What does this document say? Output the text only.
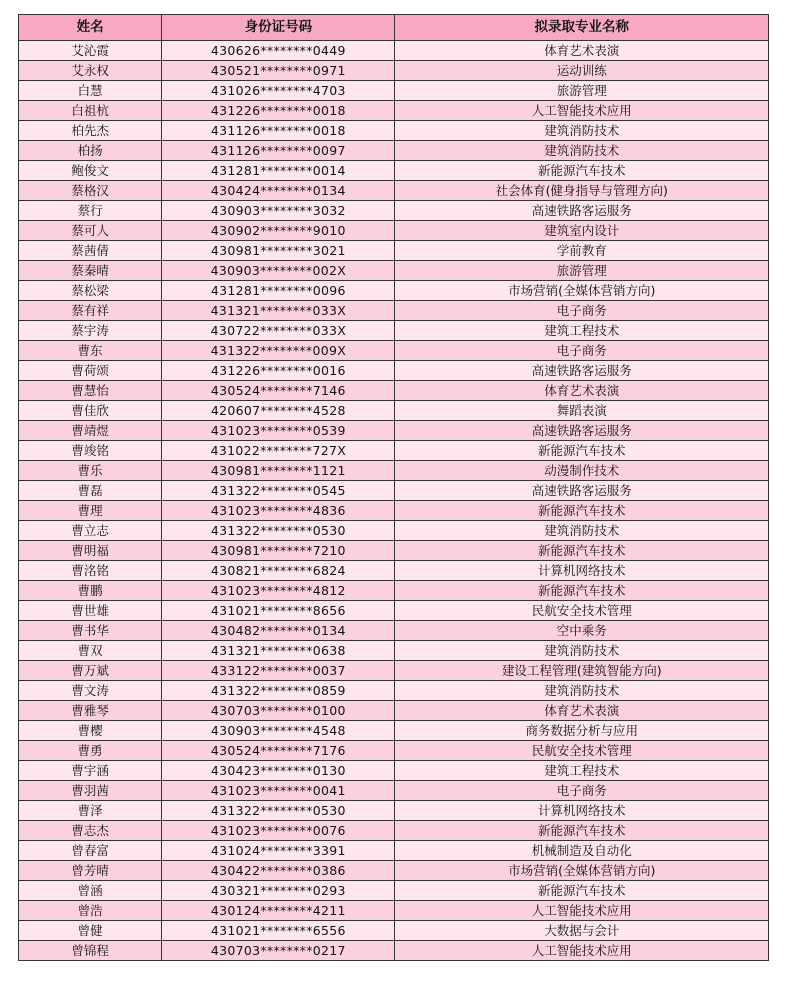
姓名	身份证号码	拟录取专业名称
艾沁霞	430626********0449	体育艺术表演
艾永权	430521********0971	运动训练
白慧	431026********4703	旅游管理
白祖杭	431226********0018	人工智能技术应用
柏先杰	431126********0018	建筑消防技术
柏扬	431126********0097	建筑消防技术
鲍俊文	431281********0014	新能源汽车技术
蔡格汉	430424********0134	社会体育(健身指导与管理方向)
蔡行	430903********3032	高速铁路客运服务
蔡可人	430902********9010	建筑室内设计
蔡茜倩	430981********3021	学前教育
蔡秦晴	430903********002X	旅游管理
蔡松梁	431281********0096	市场营销(全媒体营销方向)
蔡有祥	431321********033X	电子商务
蔡宇涛	430722********033X	建筑工程技术
曹东	431322********009X	电子商务
曹荷颂	431226********0016	高速铁路客运服务
曹慧怡	430524********7146	体育艺术表演
曹佳欣	420607********4528	舞蹈表演
曹靖煜	431023********0539	高速铁路客运服务
曹竣铭	431022********727X	新能源汽车技术
曹乐	430981********1121	动漫制作技术
曹磊	431322********0545	高速铁路客运服务
曹理	431023********4836	新能源汽车技术
曹立志	431322********0530	建筑消防技术
曹明福	430981********7210	新能源汽车技术
曹洺铭	430821********6824	计算机网络技术
曹鹏	431023********4812	新能源汽车技术
曹世雄	431021********8656	民航安全技术管理
曹书华	430482********0134	空中乘务
曹双	431321********0638	建筑消防技术
曹万斌	433122********0037	建设工程管理(建筑智能方向)
曹文涛	431322********0859	建筑消防技术
曹雅琴	430703********0100	体育艺术表演
曹樱	430903********4548	商务数据分析与应用
曹勇	430524********7176	民航安全技术管理
曹宇涵	430423********0130	建筑工程技术
曹羽茜	431023********0041	电子商务
曹泽	431322********0530	计算机网络技术
曹志杰	431023********0076	新能源汽车技术
曾春富	431024********3391	机械制造及自动化
曾芳晴	430422********0386	市场营销(全媒体营销方向)
曾涵	430321********0293	新能源汽车技术
曾浩	430124********4211	人工智能技术应用
曾健	431021********6556	大数据与会计
曾锦程	430703********0217	人工智能技术应用
